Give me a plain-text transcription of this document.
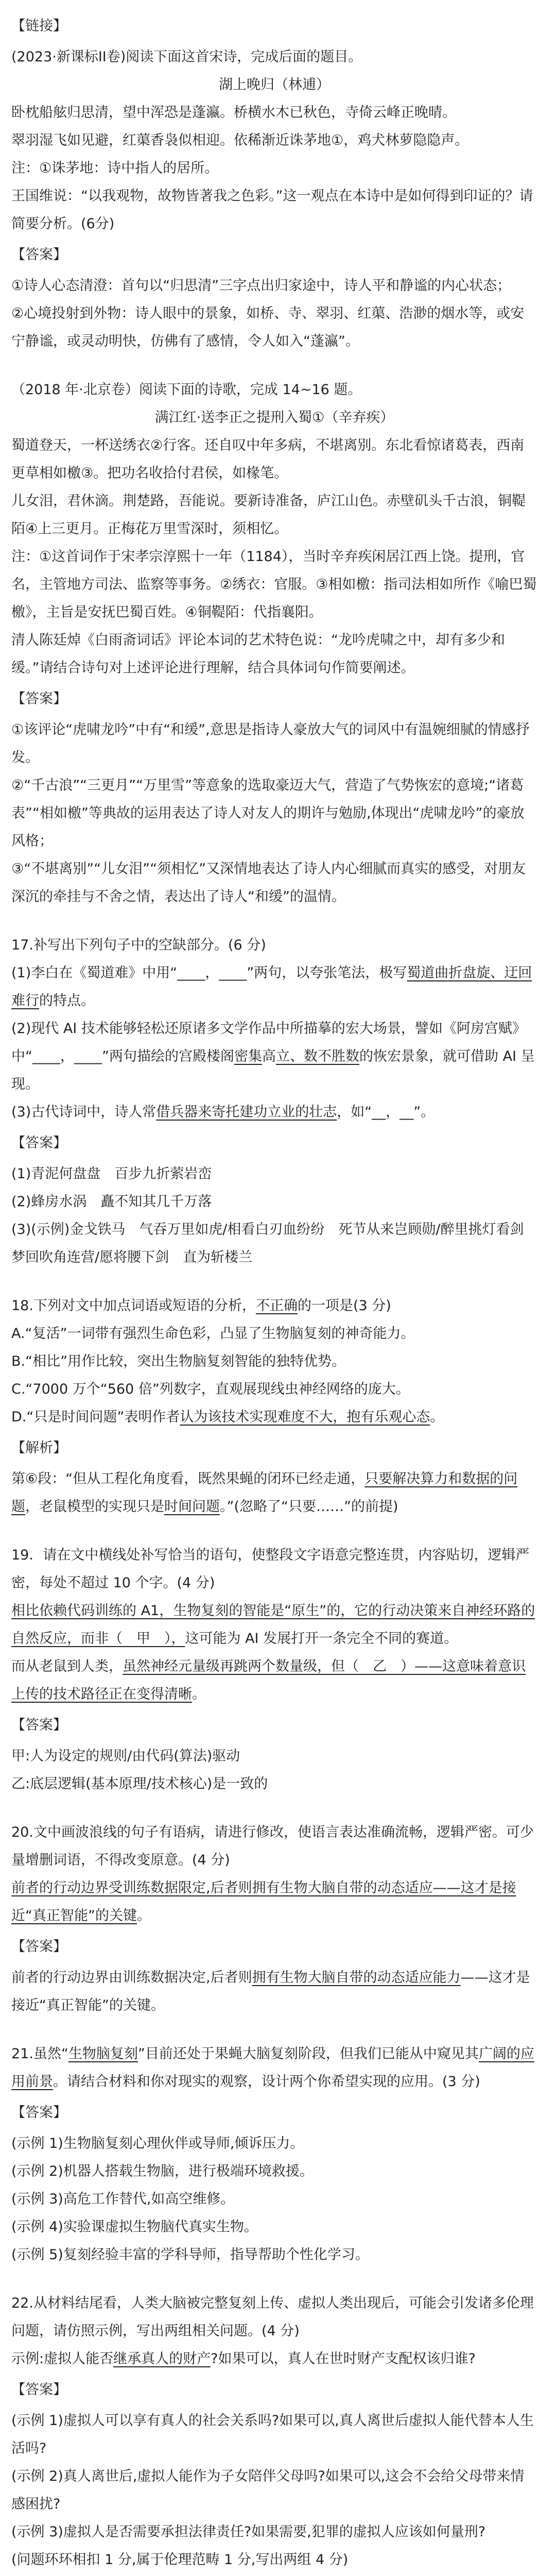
【链接】

(2023·新课标II卷)阅读下面这首宋诗，完成后面的题目。

湖上晚归（林逋）

卧枕船舷归思清，望中浑恐是蓬瀛。桥横水木已秋色，寺倚云峰正晚晴。

翠羽湿飞如见避，红蕖香袅似相迎。依稀渐近诛茅地①，鸡犬林萝隐隐声。

注：①诛茅地：诗中指人的居所。

王国维说：“以我观物，故物皆著我之色彩。”这一观点在本诗中是如何得到印证的？请简要分析。(6分)

【答案】

①诗人心态清澄：首句以“归思清”三字点出归家途中，诗人平和静谧的内心状态；

②心境投射到外物：诗人眼中的景象，如桥、寺、翠羽、红蕖、浩渺的烟水等，或安宁静谧，或灵动明快，仿佛有了感情，令人如入“蓬瀛”。

（2018 年·北京卷）阅读下面的诗歌，完成 14~16 题。

满江红·送李正之提刑入蜀①（辛弃疾）

蜀道登天，一杯送绣衣②行客。还自叹中年多病，不堪离别。东北看惊诸葛表，西南更草相如檄③。把功名收拾付君侯，如椽笔。

儿女泪，君休滴。荆楚路，吾能说。要新诗准备，庐江山色。赤壁矶头千古浪，铜鞮陌④上三更月。正梅花万里雪深时，须相忆。

注：①这首词作于宋孝宗淳熙十一年（1184），当时辛弃疾闲居江西上饶。提刑，官名，主管地方司法、监察等事务。②绣衣：官服。③相如檄：指司法相如所作《喻巴蜀檄》，主旨是安抚巴蜀百姓。④铜鞮陌：代指襄阳。

清人陈廷焯《白雨斋词话》评论本词的艺术特色说：“龙吟虎啸之中，却有多少和缓。”请结合诗句对上述评论进行理解，结合具体词句作简要阐述。

【答案】

①该评论“虎啸龙吟”中有“和缓”,意思是指诗人豪放大气的词风中有温婉细腻的情感抒发。

②“千古浪”“三更月”“万里雪”等意象的选取豪迈大气，营造了气势恢宏的意境;“诸葛表”“相如檄”等典故的运用表达了诗人对友人的期许与勉励,体现出“虎啸龙吟”的豪放风格；

③“不堪离别”“儿女泪”“须相忆”又深情地表达了诗人内心细腻而真实的感受，对朋友深沉的牵挂与不舍之情，表达出了诗人“和缓”的温情。

17.补写出下列句子中的空缺部分。(6 分)

(1)李白在《蜀道难》中用“____，____”两句，以夸张笔法，极写蜀道曲折盘旋、迂回难行的特点。

(2)现代 AI 技术能够轻松还原诸多文学作品中所描摹的宏大场景，譬如《阿房宫赋》中“____，____”两句描绘的宫殿楼阁密集高立、数不胜数的恢宏景象，就可借助 AI 呈现。

(3)古代诗词中，诗人常借兵器来寄托建功立业的壮志，如“__，__”。

【答案】

(1)青泥何盘盘　百步九折萦岩峦

(2)蜂房水涡　矗不知其几千万落

(3)(示例)金戈铁马　气吞万里如虎/相看白刃血纷纷　死节从来岂顾勋/醉里挑灯看剑　梦回吹角连营/愿将腰下剑　直为斩楼兰

18.下列对文中加点词语或短语的分析，不正确的一项是(3 分)

A.“复活”一词带有强烈生命色彩，凸显了生物脑复刻的神奇能力。

B.“相比”用作比较，突出生物脑复刻智能的独特优势。

C.“7000 万个“560 倍”列数字，直观展现线虫神经网络的庞大。

D.“只是时间问题”表明作者认为该技术实现难度不大，抱有乐观心态。

【解析】

第⑥段：“但从工程化角度看，既然果蝇的闭环已经走通，只要解决算力和数据的问题，老鼠模型的实现只是时间问题。”(忽略了“只要……”的前提)

19．请在文中横线处补写恰当的语句，使整段文字语意完整连贯，内容贴切，逻辑严密，每处不超过 10 个字。(4 分)

相比依赖代码训练的 A1，生物复刻的智能是“原生”的，它的行动决策来自神经环路的自然反应，而非（　甲　），这可能为 AI 发展打开一条完全不同的赛道。

而从老鼠到人类，虽然神经元量级再跳两个数量级，但（　乙　）——这意味着意识上传的技术路径正在变得清晰。

【答案】

甲:人为设定的规则/由代码(算法)驱动

乙:底层逻辑(基本原理/技术核心)是一致的

20.文中画波浪线的句子有语病，请进行修改，使语言表达准确流畅，逻辑严密。可少量增删词语，不得改变原意。(4 分)

前者的行动边界受训练数据限定,后者则拥有生物大脑自带的动态适应——这才是接近“真正智能”的关键。

【答案】

前者的行动边界由训练数据决定,后者则拥有生物大脑自带的动态适应能力——这才是接近“真正智能”的关键。

21.虽然“生物脑复刻”目前还处于果蝇大脑复刻阶段，但我们已能从中窥见其广阔的应用前景。请结合材料和你对现实的观察，设计两个你希望实现的应用。(3 分)

【答案】

(示例 1)生物脑复刻心理伙伴或导师,倾诉压力。

(示例 2)机器人搭载生物脑，进行极端环境救援。

(示例 3)高危工作替代,如高空维修。

(示例 4)实验课虚拟生物脑代真实生物。

(示例 5)复刻经验丰富的学科导师，指导帮助个性化学习。

22.从材料结尾看，人类大脑被完整复刻上传、虚拟人类出现后，可能会引发诸多伦理问题，请仿照示例，写出两组相关问题。(4 分)

示例:虚拟人能否继承真人的财产?如果可以，真人在世时财产支配权该归谁?

【答案】

(示例 1)虚拟人可以享有真人的社会关系吗?如果可以,真人离世后虚拟人能代替本人生活吗?

(示例 2)真人离世后,虚拟人能作为子女陪伴父母吗?如果可以,这会不会给父母带来情感困扰?

(示例 3)虚拟人是否需要承担法律责任?如果需要,犯罪的虚拟人应该如何量刑?

(问题环环相扣 1 分,属于伦理范畴 1 分,写出两组 4 分)
